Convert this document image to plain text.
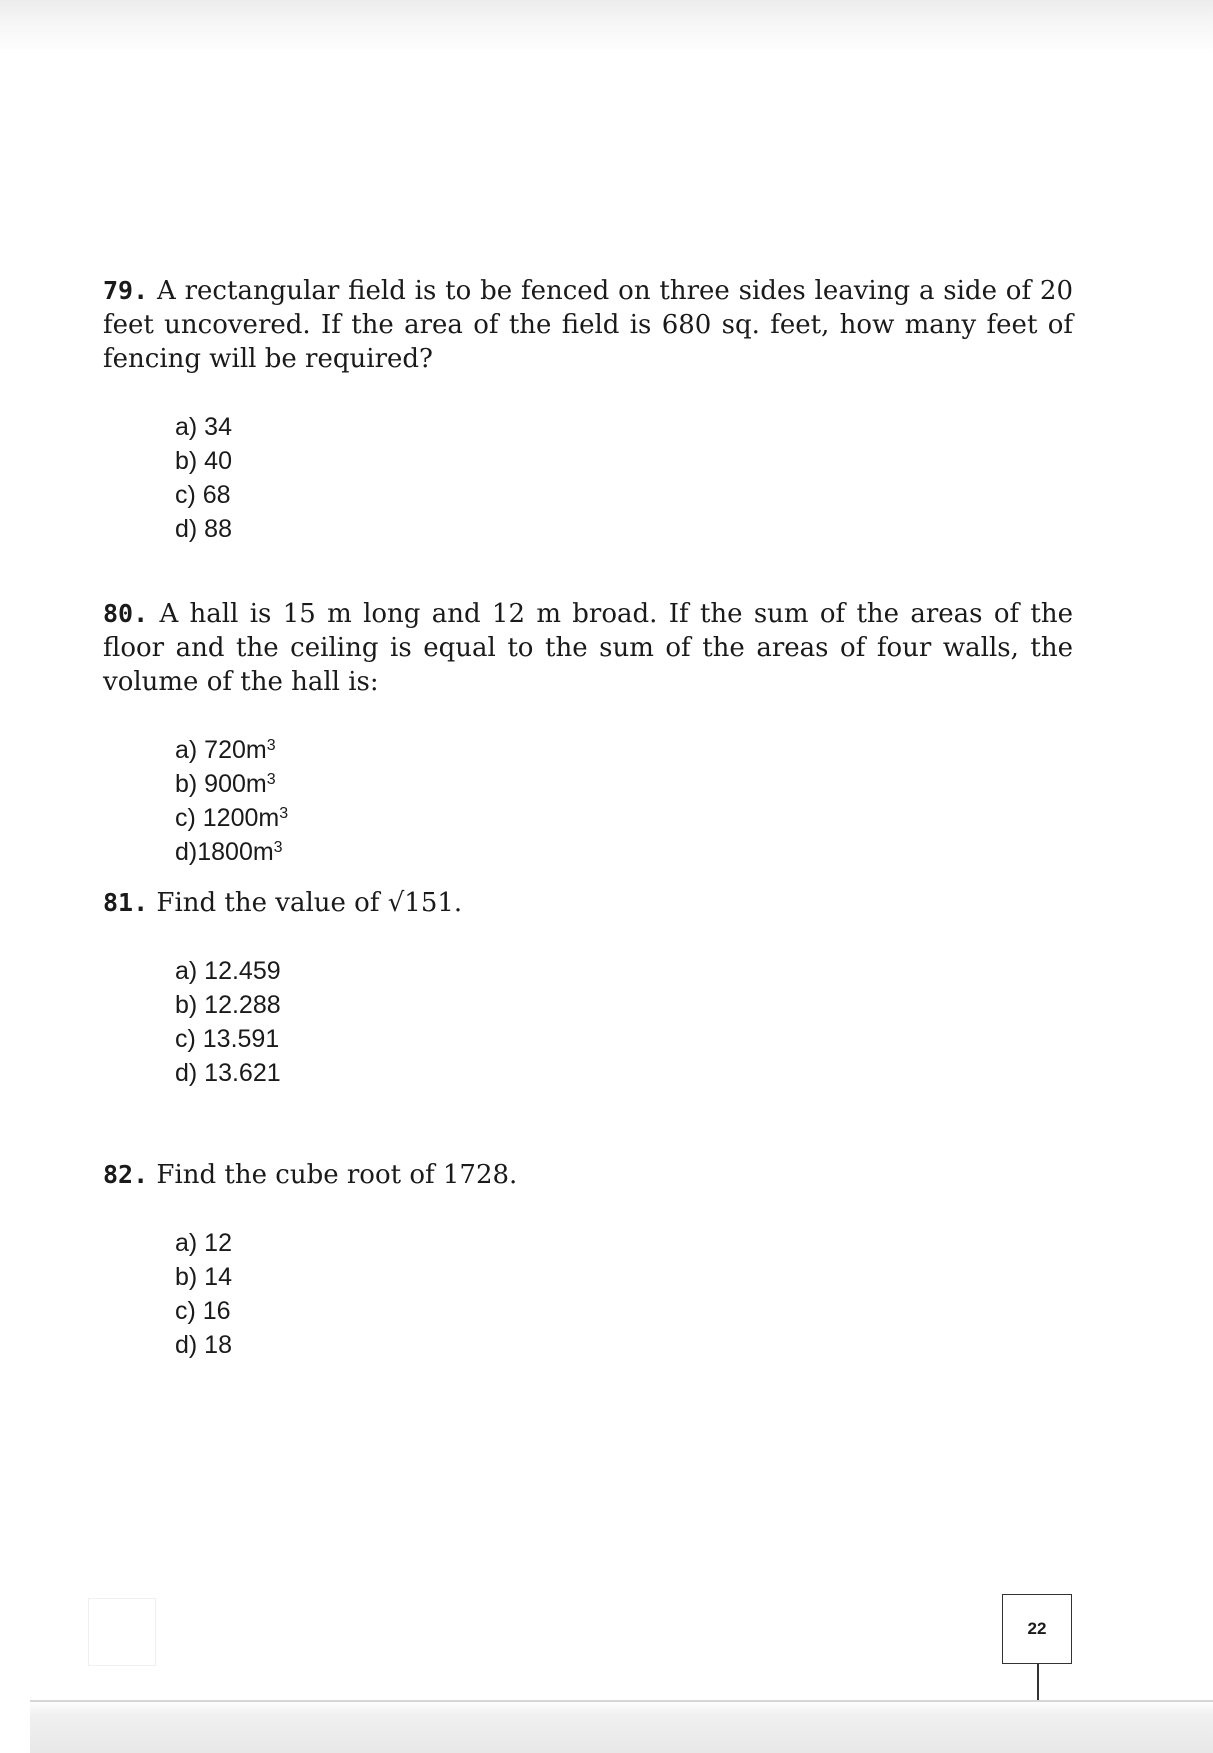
79. A rectangular field is to be fenced on three sides leaving a side of 20 feet uncovered. If the area of the field is 680 sq. feet, how many feet of fencing will be required?

a) 34
b) 40
c) 68
d) 88

80. A hall is 15 m long and 12 m broad. If the sum of the areas of the floor and the ceiling is equal to the sum of the areas of four walls, the volume of the hall is:

a) $720m^3$
b) $900m^3$
c) $1200m^3$
$d)1800m^3$

81. Find the value of √151.

a) 12.459
b) 12.288
c) 13.591
d) 13.621

82. Find the cube root of 1728.

a) 12
b) 14
c) 16
d) 18
22
